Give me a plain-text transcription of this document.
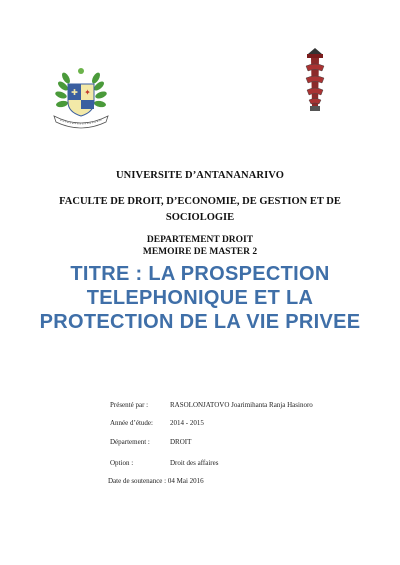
✚ ✦
UNIVERSITE D’ANTANANARIVO
FACULTE DE DROIT, D’ECONOMIE, DE GESTION ET DE
SOCIOLOGIE
DEPARTEMENT DROIT
MEMOIRE DE MASTER 2
TITRE : LA PROSPECTION
TELEPHONIQUE ET LA
PROTECTION DE LA VIE PRIVEE
Présenté par :	RASOLONJATOVO Joarimihanta Ranja Hasinoro
Année d’étude: 2014 - 2015
Département :	DROIT
Option :	Droit des affaires
Date de soutenance : 04 Mai 2016
